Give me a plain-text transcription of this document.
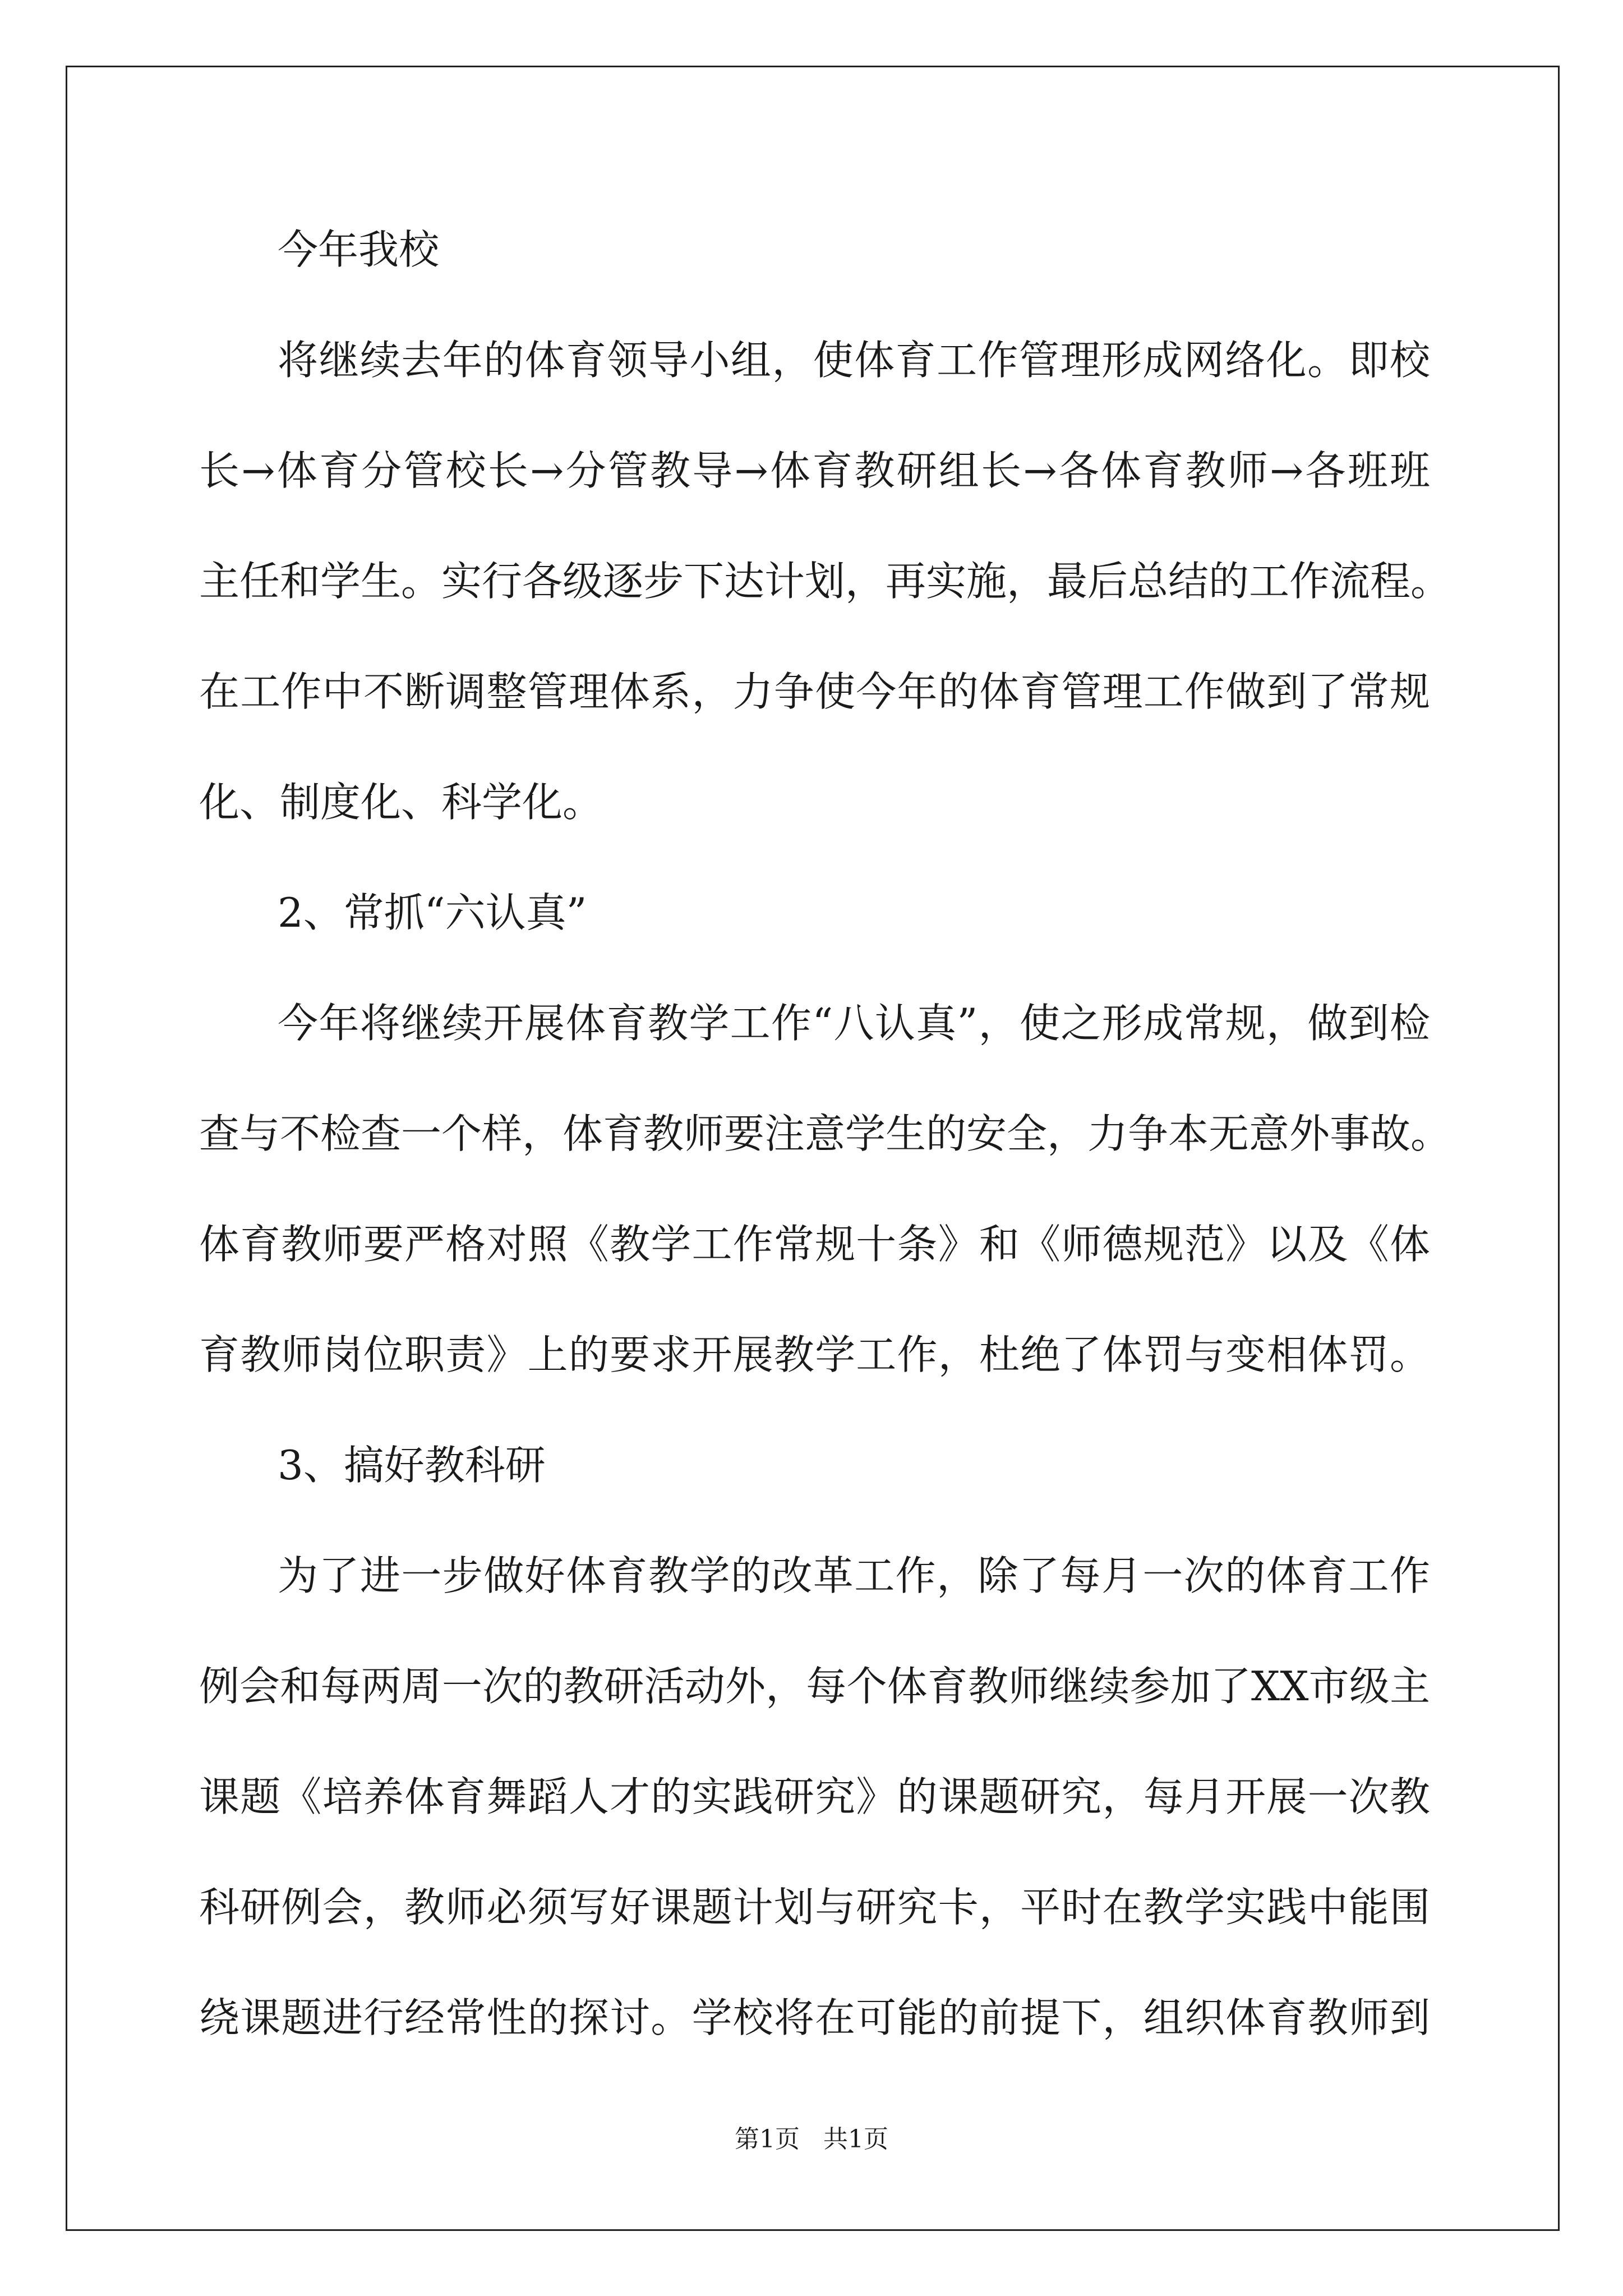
今年我校

将继续去年的体育领导小组，使体育工作管理形成网络化。即校

长→体育分管校长→分管教导→体育教研组长→各体育教师→各班班

主任和学生。实行各级逐步下达计划，再实施，最后总结的工作流程。

在工作中不断调整管理体系，力争使今年的体育管理工作做到了常规

化、制度化、科学化。

2、常抓“六认真”

今年将继续开展体育教学工作“八认真”，使之形成常规，做到检

查与不检查一个样，体育教师要注意学生的安全，力争本无意外事故。

体育教师要严格对照《教学工作常规十条》和《师德规范》以及《体

育教师岗位职责》上的要求开展教学工作，杜绝了体罚与变相体罚。

3、搞好教科研

为了进一步做好体育教学的改革工作，除了每月一次的体育工作

例会和每两周一次的教研活动外，每个体育教师继续参加了XX市级主

课题《培养体育舞蹈人才的实践研究》的课题研究，每月开展一次教

科研例会，教师必须写好课题计划与研究卡，平时在教学实践中能围

绕课题进行经常性的探讨。学校将在可能的前提下，组织体育教师到

第1页   共1页
